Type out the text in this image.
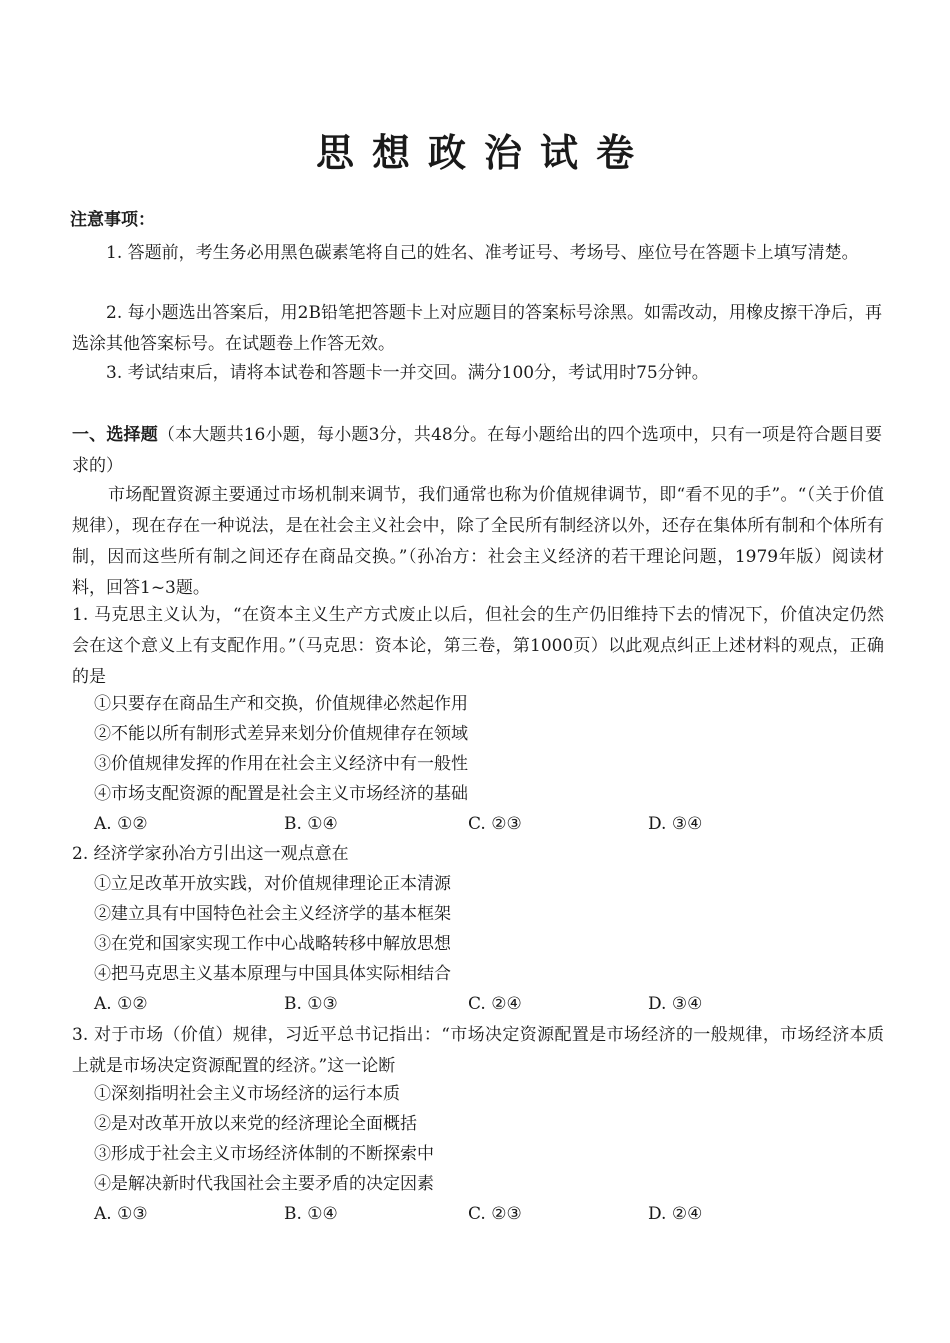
思想政治试卷
注意事项：
1. 答题前，考生务必用黑色碳素笔将自己的姓名、准考证号、考场号、座位号在答题卡上填写清楚。
2. 每小题选出答案后，用2B铅笔把答题卡上对应题目的答案标号涂黑。如需改动，用橡皮擦干净后，再选涂其他答案标号。在试题卷上作答无效。
3. 考试结束后，请将本试卷和答题卡一并交回。满分100分，考试用时75分钟。
一、选择题（本大题共16小题，每小题3分，共48分。在每小题给出的四个选项中，只有一项是符合题目要求的）
市场配置资源主要通过市场机制来调节，我们通常也称为价值规律调节，即“看不见的手”。“（关于价值规律），现在存在一种说法，是在社会主义社会中，除了全民所有制经济以外，还存在集体所有制和个体所有制，因而这些所有制之间还存在商品交换。”（孙冶方：社会主义经济的若干理论问题，1979年版）阅读材料，回答1~3题。
1. 马克思主义认为，“在资本主义生产方式废止以后，但社会的生产仍旧维持下去的情况下，价值决定仍然会在这个意义上有支配作用。”（马克思：资本论，第三卷，第1000页）以此观点纠正上述材料的观点，正确的是
①只要存在商品生产和交换，价值规律必然起作用
②不能以所有制形式差异来划分价值规律存在领域
③价值规律发挥的作用在社会主义经济中有一般性
④市场支配资源的配置是社会主义市场经济的基础
A. ①②	B. ①④	C. ②③	D. ③④
2. 经济学家孙冶方引出这一观点意在
①立足改革开放实践，对价值规律理论正本清源
②建立具有中国特色社会主义经济学的基本框架
③在党和国家实现工作中心战略转移中解放思想
④把马克思主义基本原理与中国具体实际相结合
A. ①②	B. ①③	C. ②④	D. ③④
3. 对于市场（价值）规律，习近平总书记指出：“市场决定资源配置是市场经济的一般规律，市场经济本质上就是市场决定资源配置的经济。”这一论断
①深刻指明社会主义市场经济的运行本质
②是对改革开放以来党的经济理论全面概括
③形成于社会主义市场经济体制的不断探索中
④是解决新时代我国社会主要矛盾的决定因素
A. ①③	B. ①④	C. ②③	D. ②④
